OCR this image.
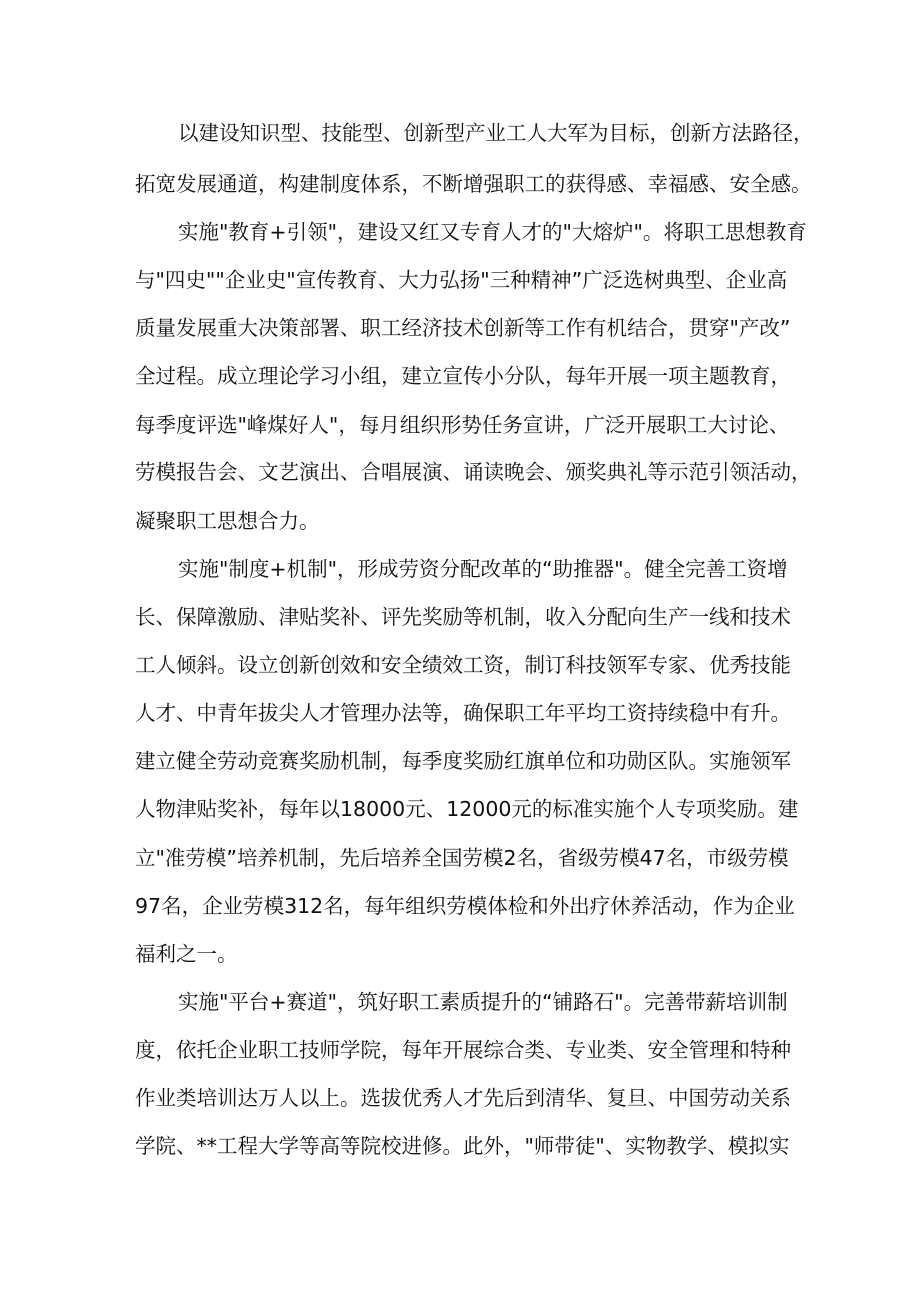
以建设知识型、技能型、创新型产业工人大军为目标，创新方法路径，
拓宽发展通道，构建制度体系，不断增强职工的获得感、幸福感、安全感。
实施"教育+引领"，建设又红又专育人才的"大熔炉"。将职工思想教育
与"四史""企业史"宣传教育、大力弘扬"三种精神”广泛选树典型、企业高
质量发展重大决策部署、职工经济技术创新等工作有机结合，贯穿"产改”
全过程。成立理论学习小组，建立宣传小分队，每年开展一项主题教育，
每季度评选"峰煤好人"，每月组织形势任务宣讲，广泛开展职工大讨论、
劳模报告会、文艺演出、合唱展演、诵读晚会、颁奖典礼等示范引领活动，
凝聚职工思想合力。
实施"制度+机制"，形成劳资分配改革的“助推器"。健全完善工资增
长、保障激励、津贴奖补、评先奖励等机制，收入分配向生产一线和技术
工人倾斜。设立创新创效和安全绩效工资，制订科技领军专家、优秀技能
人才、中青年拔尖人才管理办法等，确保职工年平均工资持续稳中有升。
建立健全劳动竞赛奖励机制，每季度奖励红旗单位和功勋区队。实施领军
人物津贴奖补，每年以18000元、12000元的标准实施个人专项奖励。建
立"准劳模”培养机制，先后培养全国劳模2名，省级劳模47名，市级劳模
97名，企业劳模312名，每年组织劳模体检和外出疗休养活动，作为企业
福利之一。
实施"平台+赛道"，筑好职工素质提升的“铺路石"。完善带薪培训制
度，依托企业职工技师学院，每年开展综合类、专业类、安全管理和特种
作业类培训达万人以上。选拔优秀人才先后到清华、复旦、中国劳动关系
学院、**工程大学等高等院校进修。此外，"师带徒"、实物教学、模拟实
